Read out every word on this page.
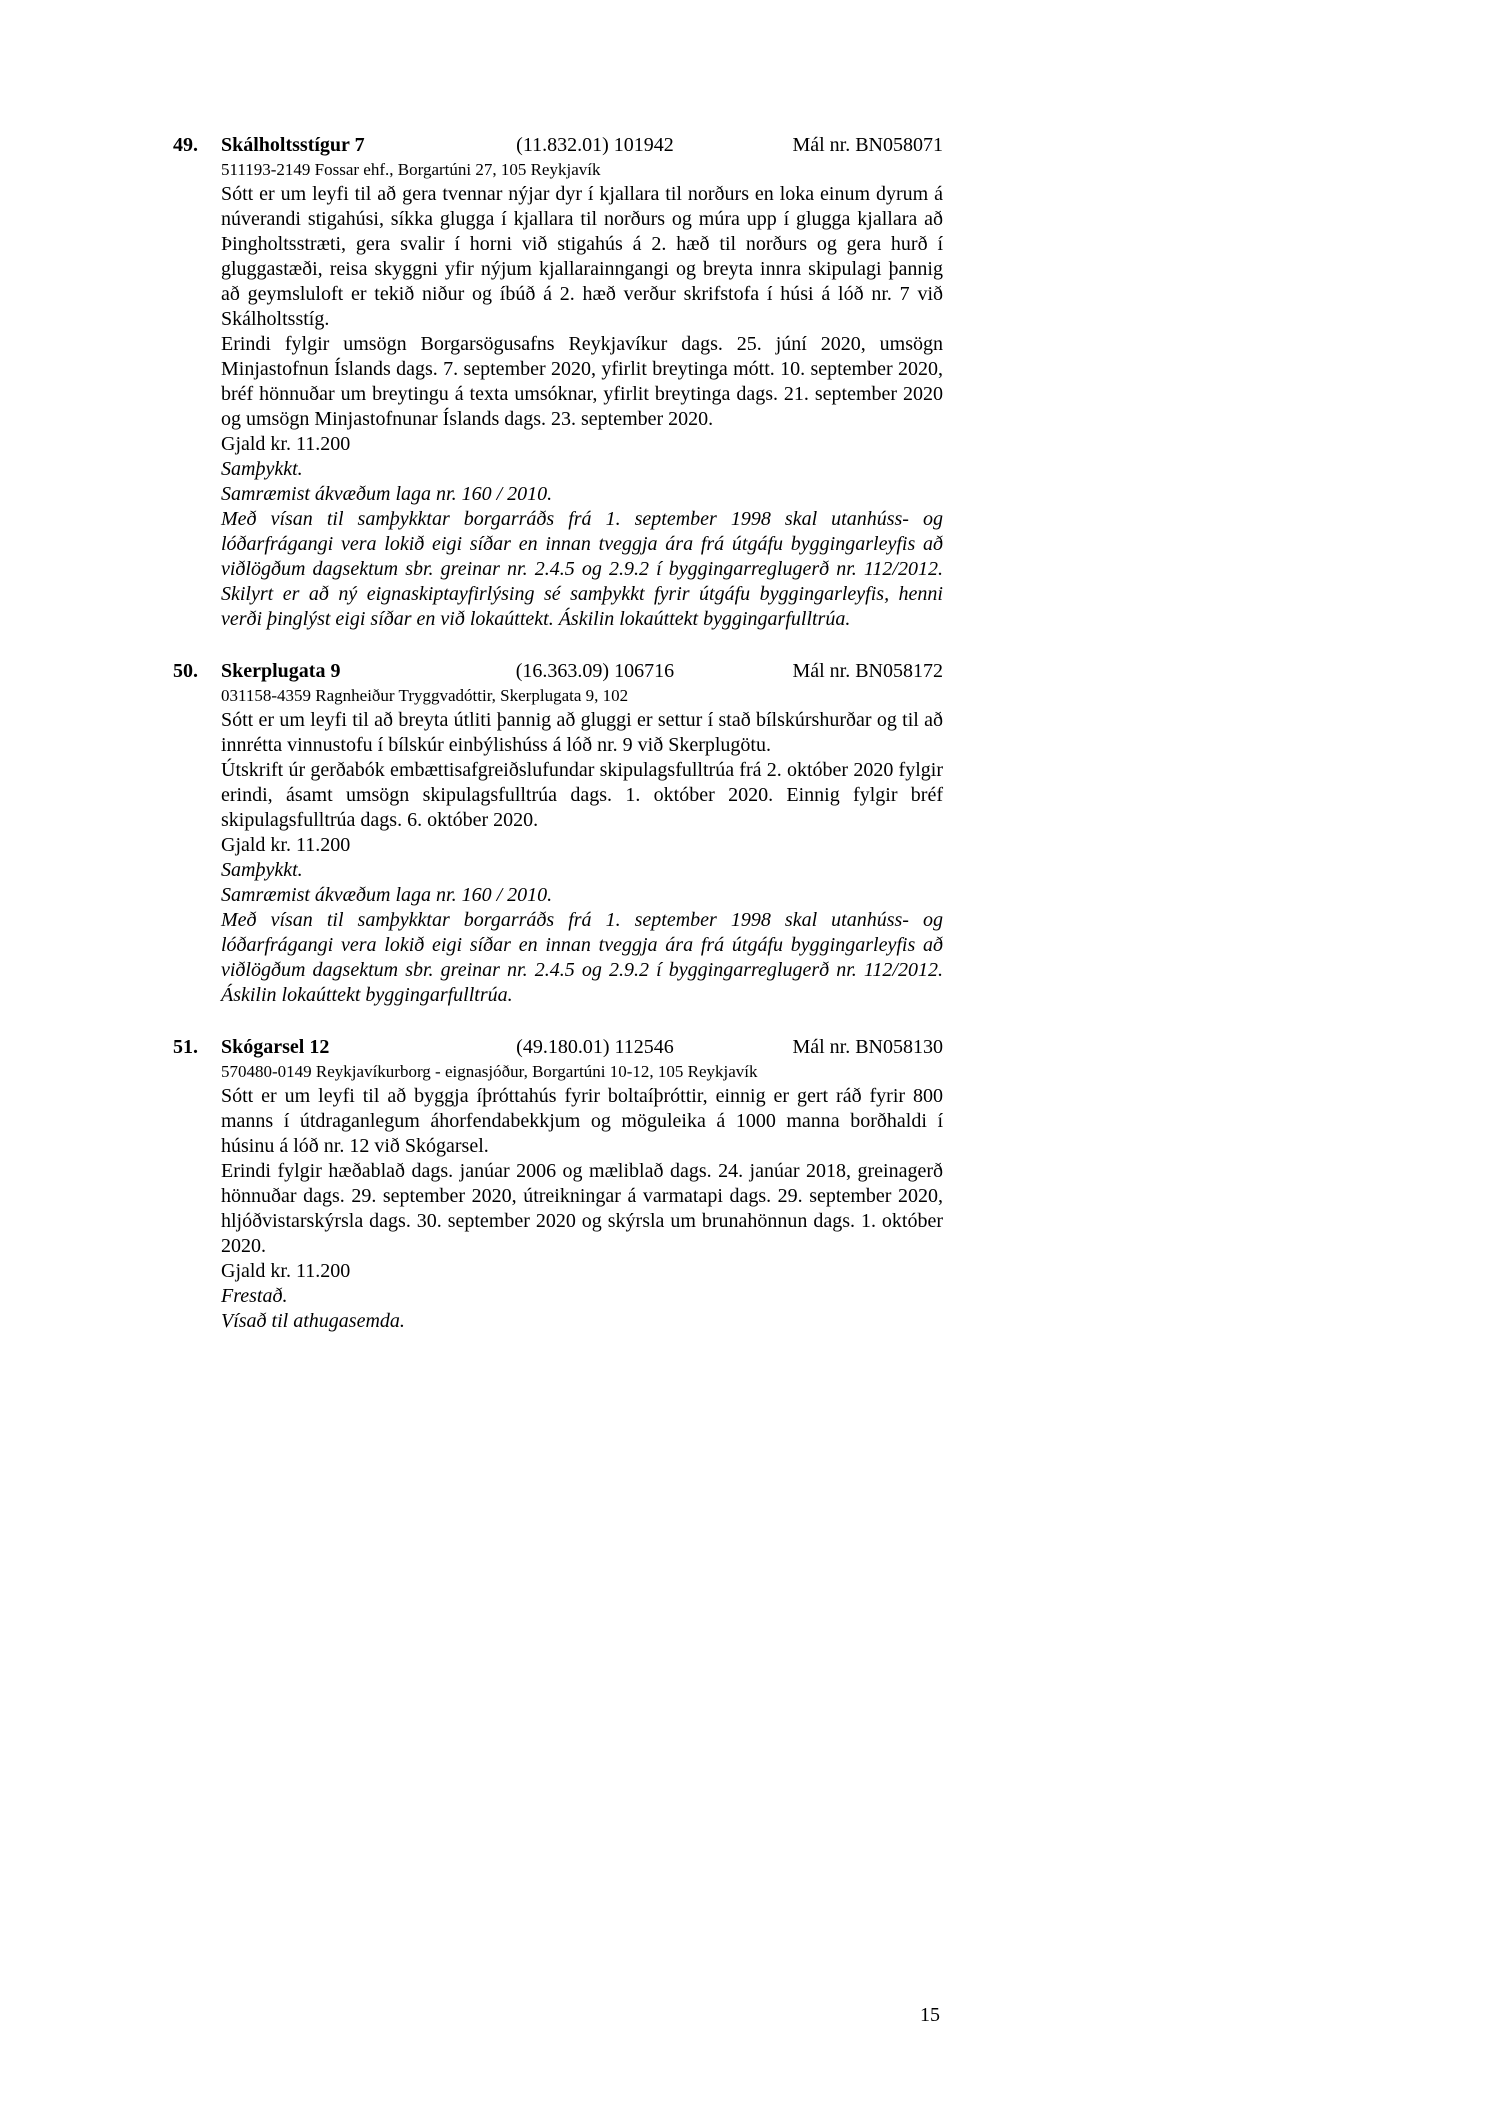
49.	Skálholtsstígur 7	(11.832.01) 101942	Mál nr. BN058071

511193-2149 Fossar ehf., Borgartúni 27, 105 Reykjavík

Sótt er um leyfi til að gera tvennar nýjar dyr í kjallara til norðurs en loka einum dyrum á núverandi stigahúsi, síkka glugga í kjallara til norðurs og múra upp í glugga kjallara að Þingholtsstræti, gera svalir í horni við stigahús á 2. hæð til norðurs og gera hurð í gluggastæði, reisa skyggni yfir nýjum kjallarainngangi og breyta innra skipulagi þannig að geymsluloft er tekið niður og íbúð á 2. hæð verður skrifstofa í húsi á lóð nr. 7 við Skálholtsstíg.

Erindi fylgir umsögn Borgarsögusafns Reykjavíkur dags. 25. júní 2020, umsögn Minjastofnun Íslands dags. 7. september 2020, yfirlit breytinga mótt. 10. september 2020, bréf hönnuðar um breytingu á texta umsóknar, yfirlit breytinga dags. 21. september 2020 og umsögn Minjastofnunar Íslands dags. 23. september 2020.

Gjald kr. 11.200

Samþykkt.

Samræmist ákvæðum laga nr. 160 / 2010.

Með vísan til samþykktar borgarráðs frá 1. september 1998 skal utanhúss- og lóðarfrágangi vera lokið eigi síðar en innan tveggja ára frá útgáfu byggingarleyfis að viðlögðum dagsektum sbr. greinar nr. 2.4.5 og 2.9.2 í byggingarreglugerð nr. 112/2012. Skilyrt er að ný eignaskiptayfirlýsing sé samþykkt fyrir útgáfu byggingarleyfis, henni verði þinglýst eigi síðar en við lokaúttekt. Áskilin lokaúttekt byggingarfulltrúa.

50.	Skerplugata 9	(16.363.09) 106716	Mál nr. BN058172

031158-4359 Ragnheiður Tryggvadóttir, Skerplugata 9, 102

Sótt er um leyfi til að breyta útliti þannig að gluggi er settur í stað bílskúrshurðar og til að innrétta vinnustofu í bílskúr einbýlishúss á lóð nr. 9 við Skerplugötu.

Útskrift úr gerðabók embættisafgreiðslufundar skipulagsfulltrúa frá 2. október 2020 fylgir erindi, ásamt umsögn skipulagsfulltrúa dags. 1. október 2020. Einnig fylgir bréf skipulagsfulltrúa dags. 6. október 2020.

Gjald kr. 11.200

Samþykkt.

Samræmist ákvæðum laga nr. 160 / 2010.

Með vísan til samþykktar borgarráðs frá 1. september 1998 skal utanhúss- og lóðarfrágangi vera lokið eigi síðar en innan tveggja ára frá útgáfu byggingarleyfis að viðlögðum dagsektum sbr. greinar nr. 2.4.5 og 2.9.2 í byggingarreglugerð nr. 112/2012. Áskilin lokaúttekt byggingarfulltrúa.

51.	Skógarsel 12	(49.180.01) 112546	Mál nr. BN058130

570480-0149 Reykjavíkurborg - eignasjóður, Borgartúni 10-12, 105 Reykjavík

Sótt er um leyfi til að byggja íþróttahús fyrir boltaíþróttir, einnig er gert ráð fyrir 800 manns í útdraganlegum áhorfendabekkjum og möguleika á 1000 manna borðhaldi í húsinu á lóð nr. 12 við Skógarsel.

Erindi fylgir hæðablað dags. janúar 2006 og mæliblað dags. 24. janúar 2018, greinagerð hönnuðar dags. 29. september 2020, útreikningar á varmatapi dags. 29. september 2020, hljóðvistarskýrsla dags. 30. september 2020 og skýrsla um brunahönnun dags. 1. október 2020.

Gjald kr. 11.200

Frestað.

Vísað til athugasemda.

15
